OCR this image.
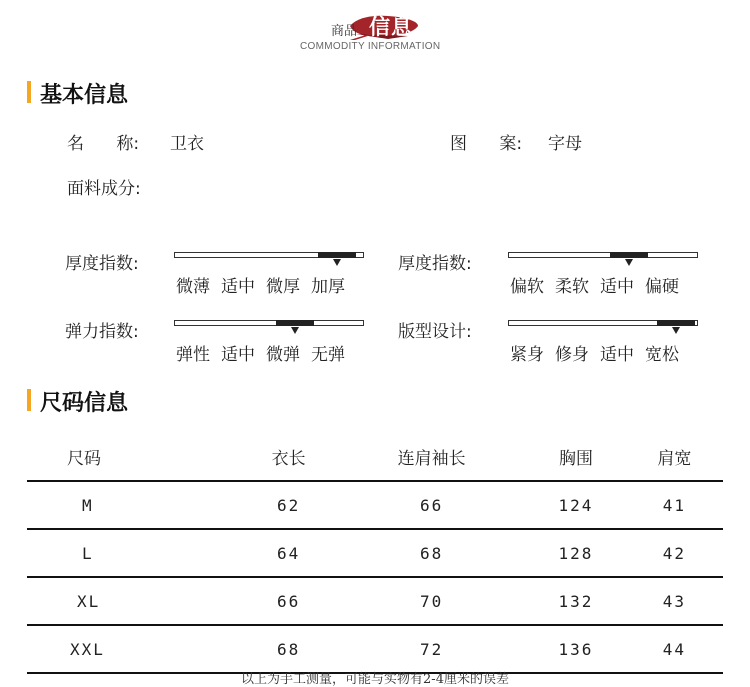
商品 信息
COMMODITY INFORMATION
基本信息
名      称: 卫衣	图      案: 字母
面料成分:
厚度指数:
微薄 适中 微厚 加厚
厚度指数:
偏软 柔软 适中 偏硬
弹力指数:
弹性 适中 微弹 无弹
版型设计:
紧身 修身 适中 宽松
尺码信息
尺码	衣长	连肩袖长	胸围	肩宽
M	62	66	124	41
L	64	68	128	42
XL	66	70	132	43
XXL	68	72	136	44
以上为手工测量，可能与实物有2-4厘米的误差
